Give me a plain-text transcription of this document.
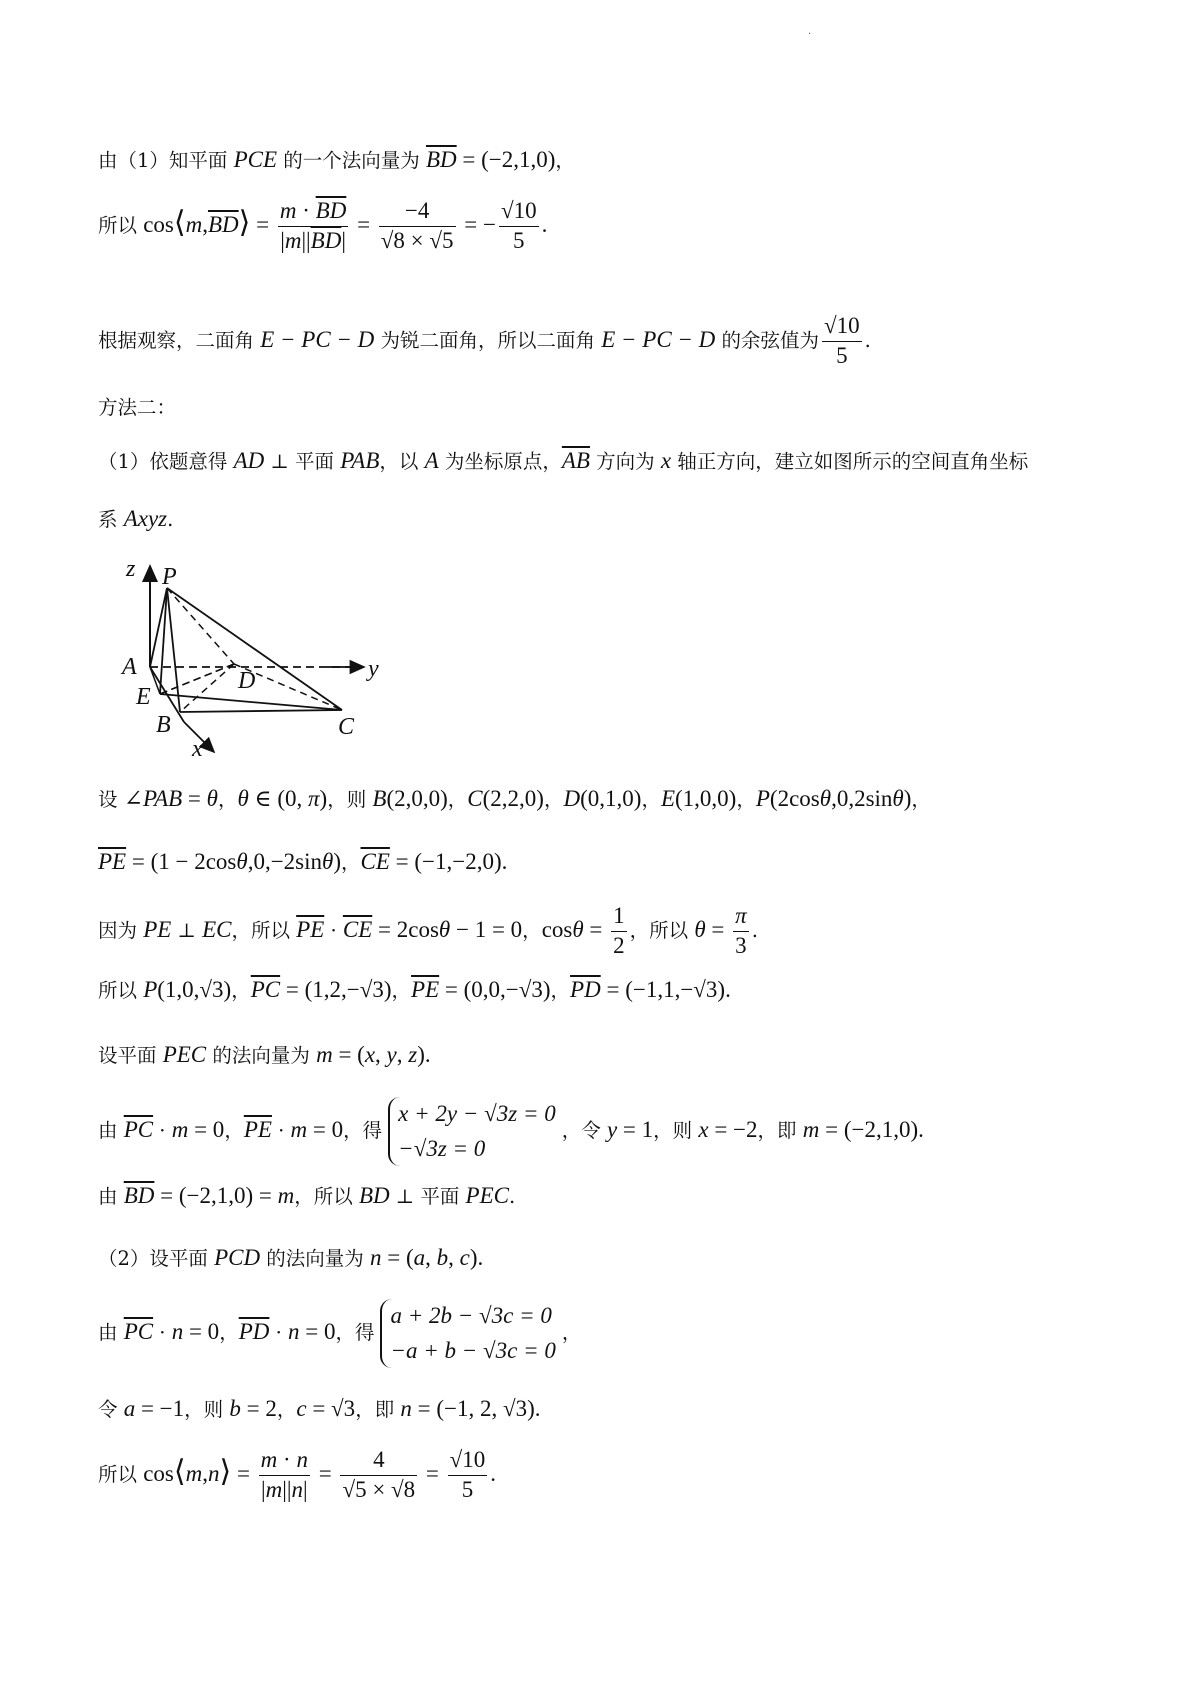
.
由（1）知平面 PCE 的一个法向量为 $\overline{BD} = (-2,1,0)$，
所以 $\cos⟨m,\overline{BD}⟩ = \frac{m \cdot \overline{BD}}{|m||\overline{BD}|} = \frac{-4}{√8 \times √5}$ = − $\frac{√10}{5}$ .
根据观察，二面角 E − PC − D 为锐二面角，所以二面角 E − PC − D 的余弦值为 $\frac{√10}{5}$ .
方法二：
（1）依题意得 AD ⊥ 平面 PAB，以 A 为坐标原点，$\overline{AB}$ 方向为 x 轴正方向，建立如图所示的空间直角坐标
系 Axyz.
z P
A	y
D
E
B	C
x
设 ∠PAB = θ，θ ∈ (0, π)，则 B(2,0,0)，C(2,2,0)，D(0,1,0)，E(1,0,0)，P(2cosθ,0,2sinθ)，
$\overline{PE} = (1 - 2\cos\theta,0,-2\sin\theta)$，$\overline{CE} = (-1,-2,0)$.
因为 PE ⊥ EC，所以 $\overline{PE} \cdot \overline{CE} = 2\cos\theta - 1 = 0$，$\cos\theta = \frac{1}{2}$ ，所以 $\theta = \frac{\pi}{3}$ .
所以 P(1,0,√3)，$\overline{PC} = (1,2,-√3)$，$\overline{PE} = (0,0,-√3)$，$\overline{PD} = (-1,1,-√3)$.
设平面 PEC 的法向量为 m = (x, y, z).
由 $\overline{PC} \cdot m = 0$，$\overline{PE} \cdot m = 0$，得
x + 2y − √3z = 0
−√3z = 0
，令 y = 1，则 x = −2，即 m = (−2,1,0).
由 $\overline{BD} = (-2,1,0) = m$，所以 BD ⊥ 平面 PEC.
（2）设平面 PCD 的法向量为 n = (a, b, c).
由 $\overline{PC} \cdot n = 0$，$\overline{PD} \cdot n = 0$，得
a + 2b − √3c = 0
−a + b − √3c = 0
，
令 a = −1，则 b = 2，c = √3，即 n = (−1, 2, √3).
所以 cos⟨m,n⟩ = $\frac{m \cdot n}{|m||n|} = \frac{4}{√5 \times √8} = \frac{√10}{5}$ .
